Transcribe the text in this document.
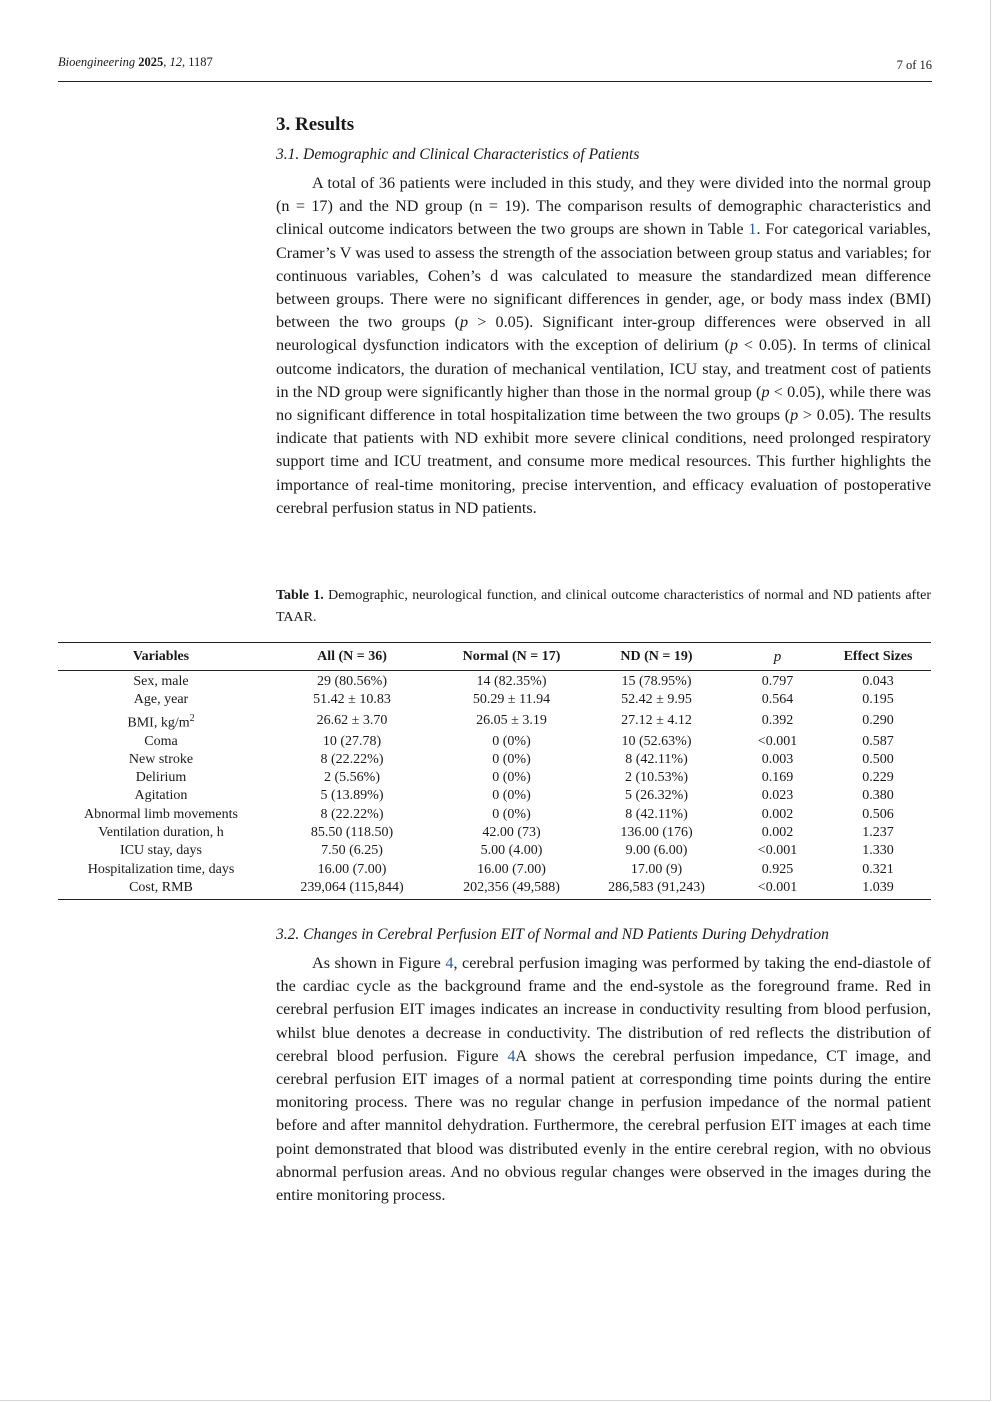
Bioengineering 2025, 12, 1187	7 of 16
3. Results
3.1. Demographic and Clinical Characteristics of Patients
A total of 36 patients were included in this study, and they were divided into the normal group (n = 17) and the ND group (n = 19). The comparison results of demographic characteristics and clinical outcome indicators between the two groups are shown in Table 1. For categorical variables, Cramer’s V was used to assess the strength of the association between group status and variables; for continuous variables, Cohen’s d was calculated to measure the standardized mean difference between groups. There were no significant differences in gender, age, or body mass index (BMI) between the two groups (p > 0.05). Significant inter-group differences were observed in all neurological dysfunction indicators with the exception of delirium (p < 0.05). In terms of clinical outcome indicators, the duration of mechanical ventilation, ICU stay, and treatment cost of patients in the ND group were significantly higher than those in the normal group (p < 0.05), while there was no significant difference in total hospitalization time between the two groups (p > 0.05). The results indicate that patients with ND exhibit more severe clinical conditions, need prolonged respiratory support time and ICU treatment, and consume more medical resources. This further highlights the importance of real-time monitoring, precise intervention, and efficacy evaluation of postoperative cerebral perfusion status in ND patients.
Table 1. Demographic, neurological function, and clinical outcome characteristics of normal and ND patients after TAAR.
Variables	All (N = 36)	Normal (N = 17)	ND (N = 19)	p	Effect Sizes
Sex, male	29 (80.56%)	14 (82.35%)	15 (78.95%)	0.797	0.043
Age, year	51.42 ± 10.83	50.29 ± 11.94	52.42 ± 9.95	0.564	0.195
BMI, $kg/m^2$	26.62 ± 3.70	26.05 ± 3.19	27.12 ± 4.12	0.392	0.290
Coma	10 (27.78)	0 (0%)	10 (52.63%)	<0.001	0.587
New stroke	8 (22.22%)	0 (0%)	8 (42.11%)	0.003	0.500
Delirium	2 (5.56%)	0 (0%)	2 (10.53%)	0.169	0.229
Agitation	5 (13.89%)	0 (0%)	5 (26.32%)	0.023	0.380
Abnormal limb movements	8 (22.22%)	0 (0%)	8 (42.11%)	0.002	0.506
Ventilation duration, h	85.50 (118.50)	42.00 (73)	136.00 (176)	0.002	1.237
ICU stay, days	7.50 (6.25)	5.00 (4.00)	9.00 (6.00)	<0.001	1.330
Hospitalization time, days	16.00 (7.00)	16.00 (7.00)	17.00 (9)	0.925	0.321
Cost, RMB	239,064 (115,844)	202,356 (49,588)	286,583 (91,243)	<0.001	1.039
3.2. Changes in Cerebral Perfusion EIT of Normal and ND Patients During Dehydration
As shown in Figure 4, cerebral perfusion imaging was performed by taking the end-diastole of the cardiac cycle as the background frame and the end-systole as the foreground frame. Red in cerebral perfusion EIT images indicates an increase in conductivity resulting from blood perfusion, whilst blue denotes a decrease in conductivity. The distribution of red reflects the distribution of cerebral blood perfusion. Figure 4A shows the cerebral perfusion impedance, CT image, and cerebral perfusion EIT images of a normal patient at corresponding time points during the entire monitoring process. There was no regular change in perfusion impedance of the normal patient before and after mannitol dehydration. Furthermore, the cerebral perfusion EIT images at each time point demonstrated that blood was distributed evenly in the entire cerebral region, with no obvious abnormal perfusion areas. And no obvious regular changes were observed in the images during the entire monitoring process.
